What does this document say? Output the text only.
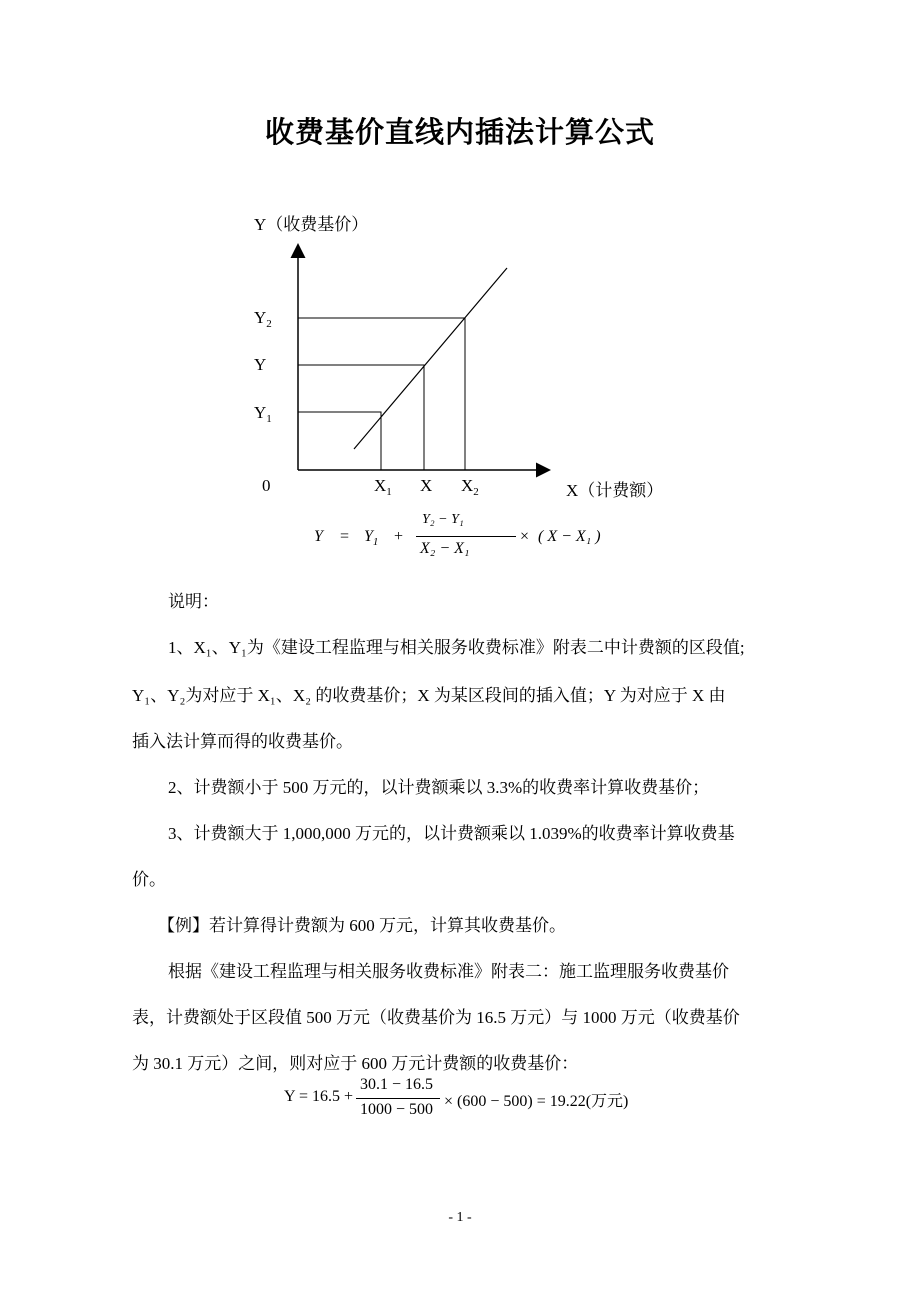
收费基价直线内插法计算公式
Y（收费基价）
$Y_2$
Y
$Y_1$
0	$X_1$ X $X_2$	X（计费额）
$Y = Y_1$ +
Y₂ − Y₁
X₂ − X₁
× ( X − X₁ )
说明：
1、X₁、Y₁为《建设工程监理与相关服务收费标准》附表二中计费额的区段值;
Y₁、Y₂为对应于 X₁、X₂ 的收费基价；X 为某区段间的插入值；Y 为对应于 X 由
插入法计算而得的收费基价。
2、计费额小于 500 万元的，以计费额乘以 3.3%的收费率计算收费基价；
3、计费额大于 1,000,000 万元的，以计费额乘以 1.039%的收费率计算收费基
价。
【例】若计算得计费额为 600 万元，计算其收费基价。
根据《建设工程监理与相关服务收费标准》附表二：施工监理服务收费基价
表，计费额处于区段值 500 万元（收费基价为 16.5 万元）与 1000 万元（收费基价
为 30.1 万元）之间，则对应于 600 万元计费额的收费基价：
Y = 16.5 +
30.1 − 16.5
1000 − 500 × (600 − 500) = 19.22(万元)
- 1 -
